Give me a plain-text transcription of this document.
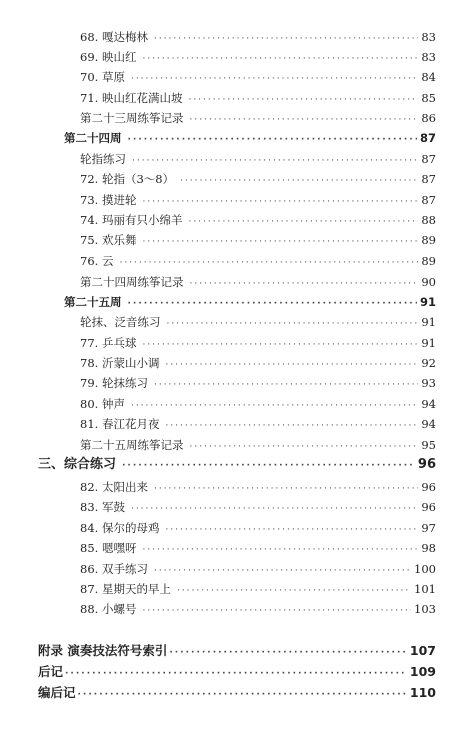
68. 嘎达梅林 ·····	83
69. 映山红 ·····	83
70. 草原 ·····	84
71. 映山红花满山坡 ·····	85
第二十三周练筝记录 ·····	86
第二十四周 ·····	87
轮指练习 ·····	87
72. 轮指（3～8） ·····	87
73. 摸进轮 ·····	87
74. 玛丽有只小绵羊 ·····	88
75. 欢乐舞 ·····	89
76. 云 ·····	89
第二十四周练筝记录 ·····	90
第二十五周 ·····	91
轮抹、泛音练习 ·····	91
77. 乒乓球 ·····	91
78. 沂蒙山小调 ·····	92
79. 轮抹练习 ·····	93
80. 钟声 ·····	94
81. 春江花月夜 ·····	94
第二十五周练筝记录 ·····	95
三、综合练习 ·····	96
82. 太阳出来 ·····	96
83. 军鼓 ·····	96
84. 保尔的母鸡 ·····	97
85. 嗯嘿呀 ·····	98
86. 双手练习 ·····	100
87. 星期天的早上 ·····	101
88. 小螺号 ·····	103
附录 演奏技法符号索引 ·····	107
后记 ·····	109
编后记 ·····	110
